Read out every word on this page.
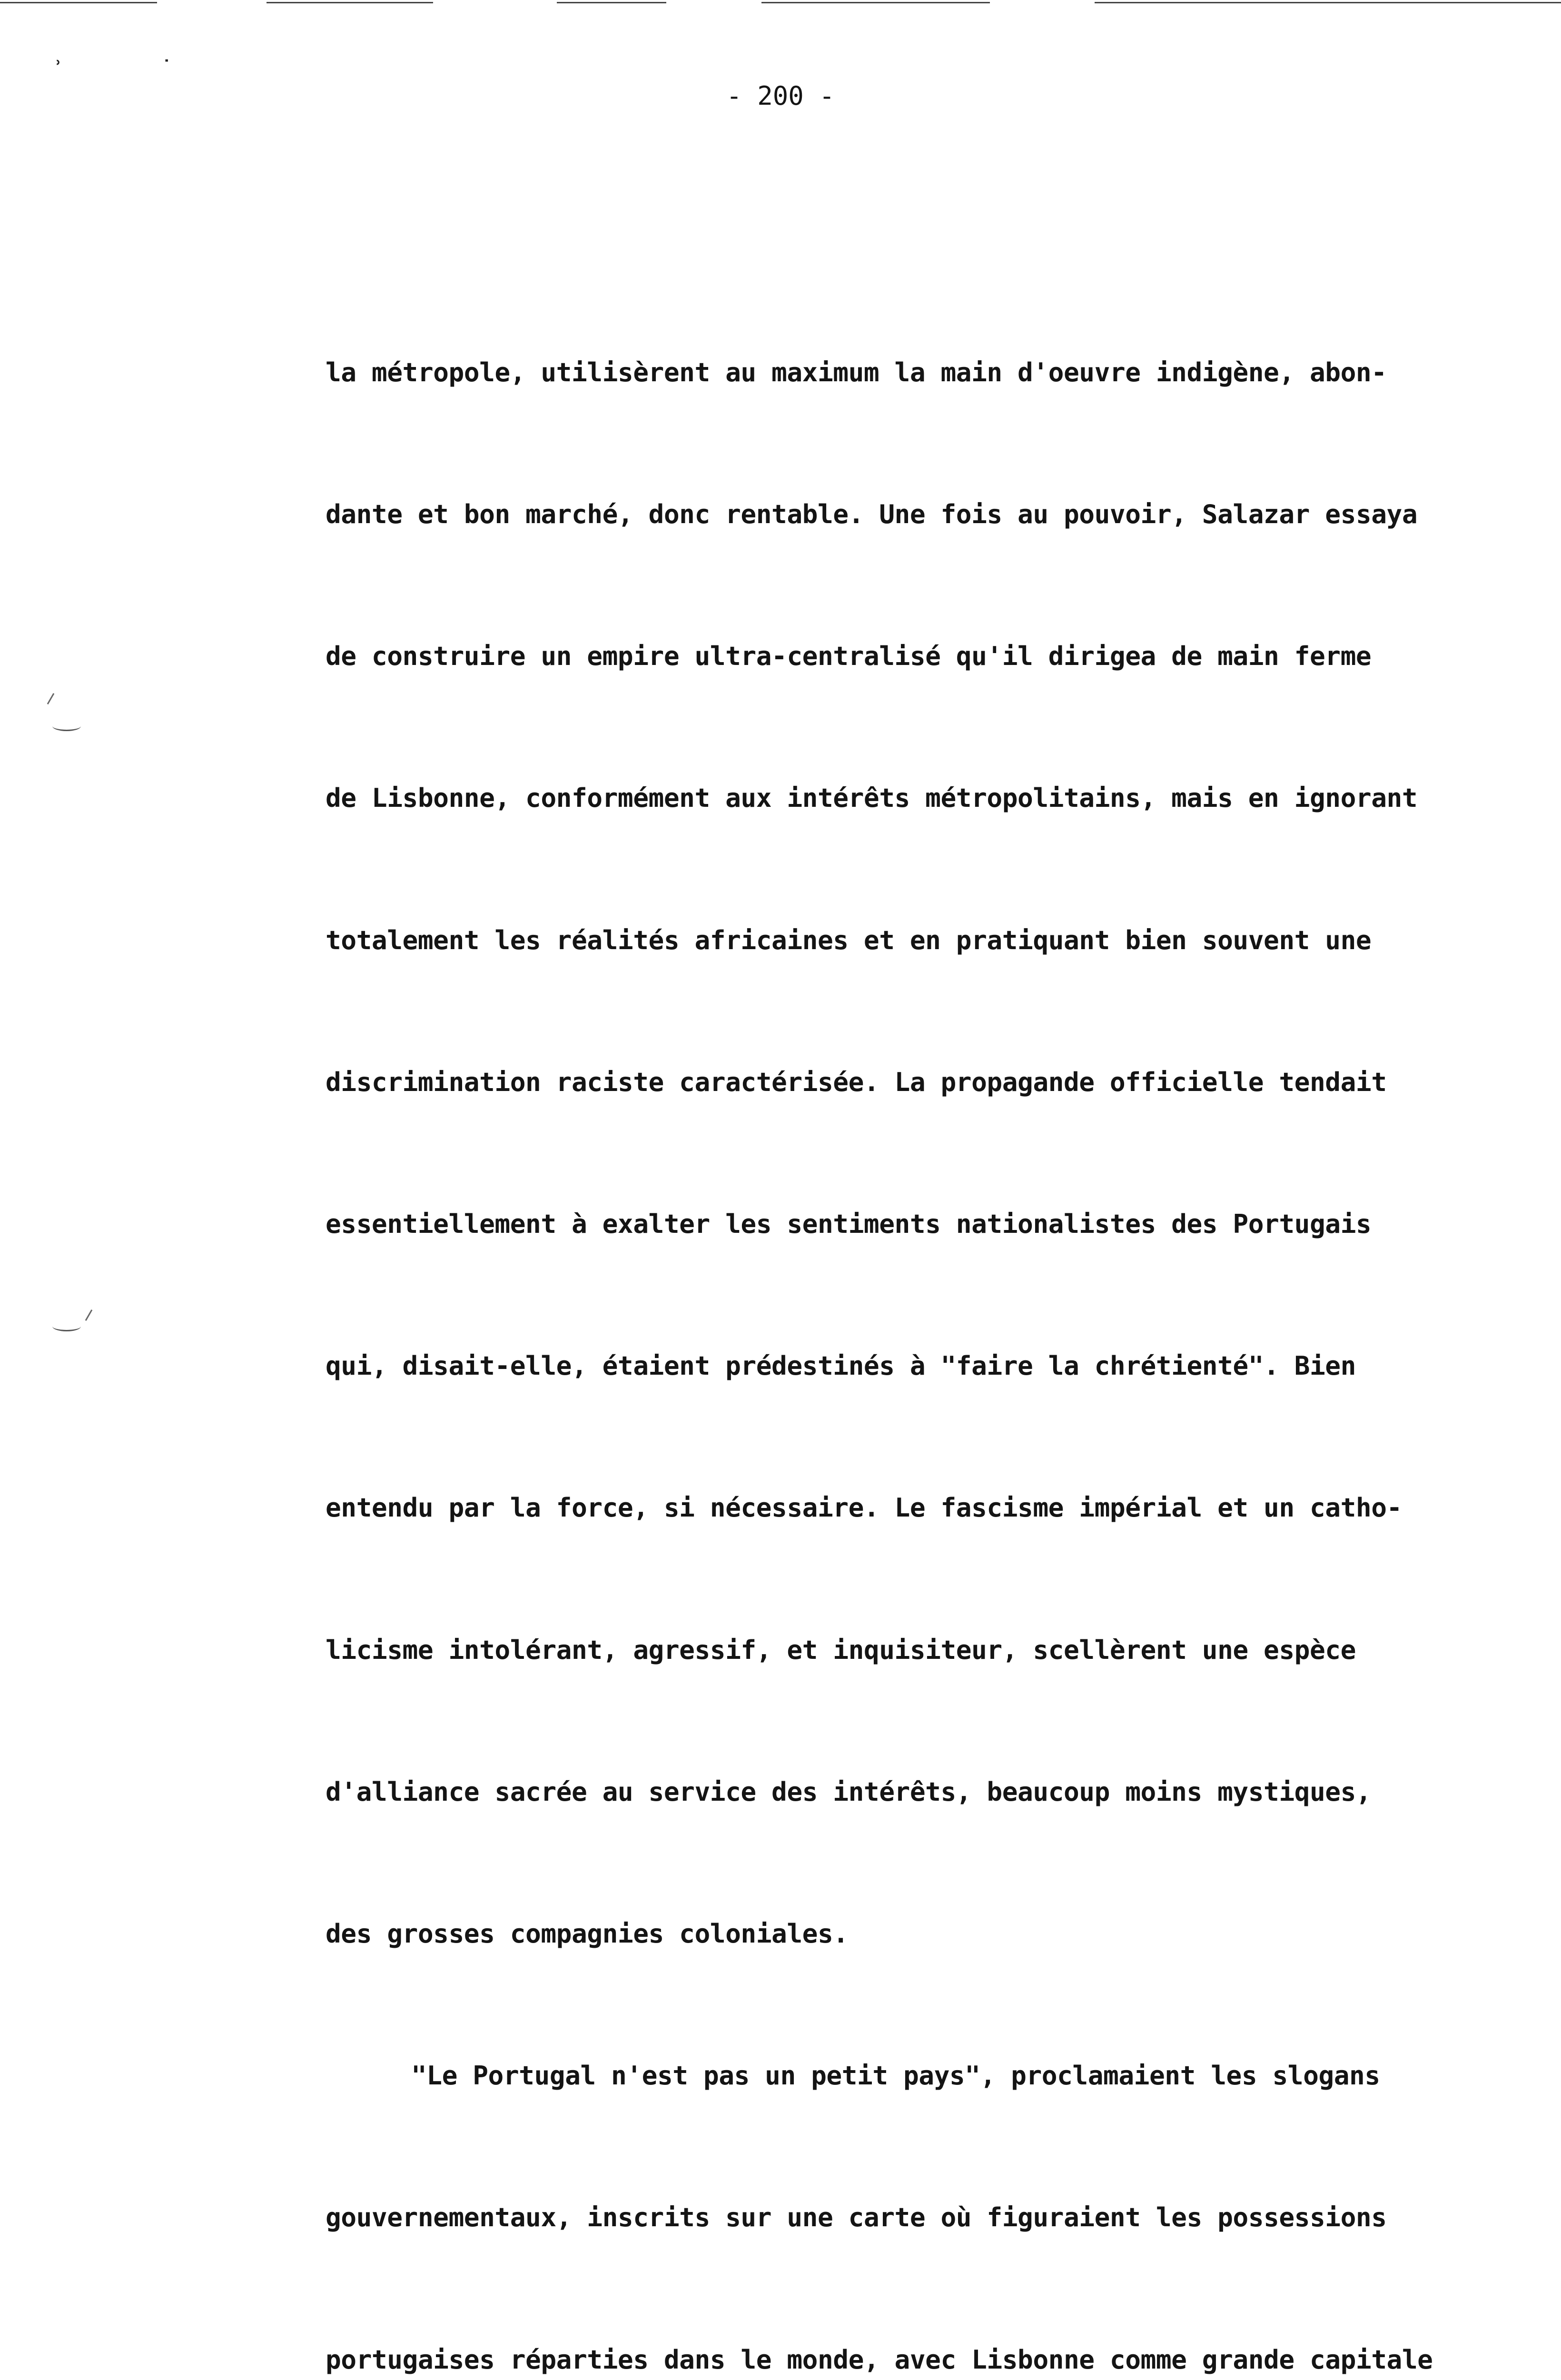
ʾ ˙
- 200 -

la métropole, utilisèrent au maximum la main d'oeuvre indigène, abon-

dante et bon marché, donc rentable. Une fois au pouvoir, Salazar essaya

de construire un empire ultra-centralisé qu'il dirigea de main ferme

de Lisbonne, conformément aux intérêts métropolitains, mais en ignorant

totalement les réalités africaines et en pratiquant bien souvent une

discrimination raciste caractérisée. La propagande officielle tendait

essentiellement à exalter les sentiments nationalistes des Portugais

qui, disait-elle, étaient prédestinés à "faire la chrétienté". Bien

entendu par la force, si nécessaire. Le fascisme impérial et un catho-

licisme intolérant, agressif, et inquisiteur, scellèrent une espèce

d'alliance sacrée au service des intérêts, beaucoup moins mystiques,

des grosses compagnies coloniales.

"Le Portugal n'est pas un petit pays", proclamaient les slogans

gouvernementaux, inscrits sur une carte où figuraient les possessions

portugaises réparties dans le monde, avec Lisbonne comme grande capitale
